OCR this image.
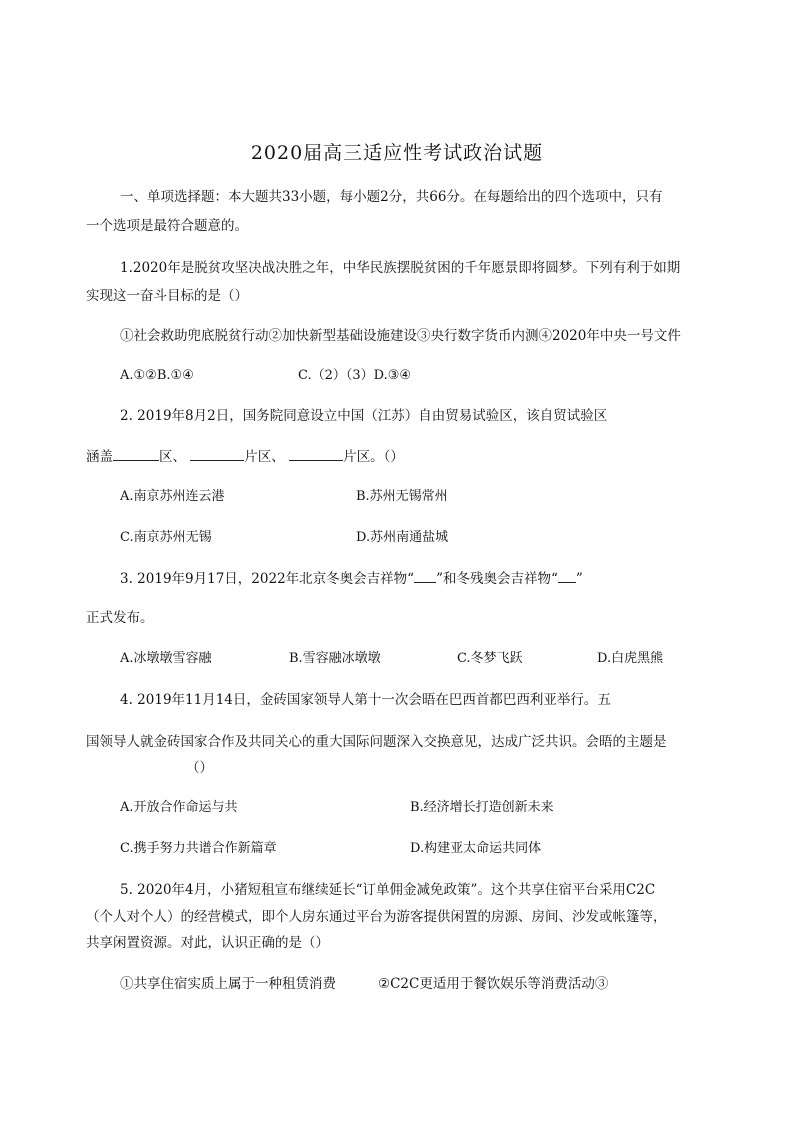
2020届高三适应性考试政治试题
一、单项选择题：本大题共33小题，每小题2分，共66分。在每题给出的四个选项中，只有
一个选项是最符合题意的。
1.2020年是脱贫攻坚决战决胜之年，中华民族摆脱贫困的千年愿景即将圆梦。下列有利于如期
实现这一奋斗目标的是（）
①社会救助兜底脱贫行动②加快新型基础设施建设③央行数字货币内测④2020年中央一号文件
A.①②B.①④	C.（2）（3）D.③④
2. 2019年8月2日，国务院同意设立中国（江苏）自由贸易试验区，该自贸试验区
涵盖	区、	片区、	片区。（）
A.南京苏州连云港	B.苏州无锡常州
C.南京苏州无锡	D.苏州南通盐城
3. 2019年9月17日，2022年北京冬奥会吉祥物“ ”和冬残奥会吉祥物“ ”
正式发布。
A.冰墩墩雪容融	B.雪容融冰墩墩	C.冬梦飞跃	D.白虎黑熊
4. 2019年11月14日，金砖国家领导人第十一次会晤在巴西首都巴西利亚举行。五
国领导人就金砖国家合作及共同关心的重大国际问题深入交换意见，达成广泛共识。会晤的主题是
（）
A.开放合作命运与共	B.经济增长打造创新未来
C.携手努力共谱合作新篇章	D.构建亚太命运共同体
5. 2020年4月，小猪短租宣布继续延长“订单佣金减免政策”。这个共享住宿平台采用C2C
（个人对个人）的经营模式，即个人房东通过平台为游客提供闲置的房源、房间、沙发或帐篷等，
共享闲置资源。对此，认识正确的是（）
①共享住宿实质上属于一种租赁消费	②C2C更适用于餐饮娱乐等消费活动③
